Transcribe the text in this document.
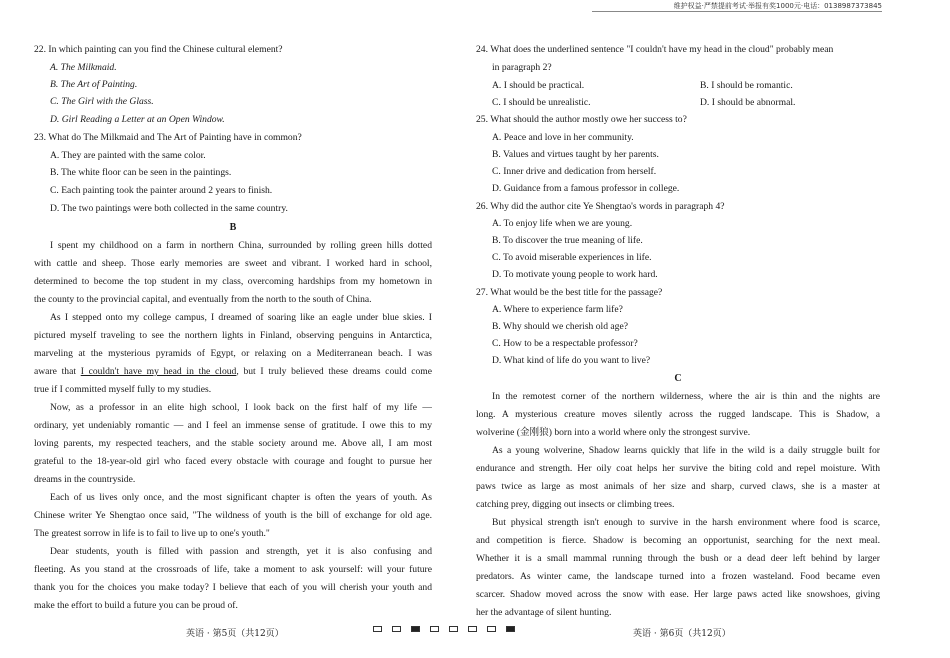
维护权益·严禁提前考试·举报有奖1000元·电话：0138987373845
22. In which painting can you find the Chinese cultural element?
A. The Milkmaid.
B. The Art of Painting.
C. The Girl with the Glass.
D. Girl Reading a Letter at an Open Window.
23. What do The Milkmaid and The Art of Painting have in common?
A. They are painted with the same color.
B. The white floor can be seen in the paintings.
C. Each painting took the painter around 2 years to finish.
D. The two paintings were both collected in the same country.
B
I spent my childhood on a farm in northern China, surrounded by rolling green hills dotted
with cattle and sheep. Those early memories are sweet and vibrant. I worked hard in school,
determined to become the top student in my class, overcoming hardships from my hometown in
the county to the provincial capital, and eventually from the north to the south of China.
As I stepped onto my college campus, I dreamed of soaring like an eagle under blue skies. I
pictured myself traveling to see the northern lights in Finland, observing penguins in Antarctica,
marveling at the mysterious pyramids of Egypt, or relaxing on a Mediterranean beach. I was
aware that I couldn't have my head in the cloud, but I truly believed these dreams could come
true if I committed myself fully to my studies.
Now, as a professor in an elite high school, I look back on the first half of my life —
ordinary, yet undeniably romantic — and I feel an immense sense of gratitude. I owe this to my
loving parents, my respected teachers, and the stable society around me. Above all, I am most
grateful to the 18-year-old girl who faced every obstacle with courage and fought to pursue her
dreams in the countryside.
Each of us lives only once, and the most significant chapter is often the years of youth. As
Chinese writer Ye Shengtao once said, "The wildness of youth is the bill of exchange for old age.
The greatest sorrow in life is to fail to live up to one's youth."
Dear students, youth is filled with passion and strength, yet it is also confusing and
fleeting. As you stand at the crossroads of life, take a moment to ask yourself: will your future
thank you for the choices you make today? I believe that each of you will cherish your youth and
make the effort to build a future you can be proud of.
英语 · 第5页（共12页）
24. What does the underlined sentence "I couldn't have my head in the cloud" probably mean
in paragraph 2?
A. I should be practical.	B. I should be romantic.
C. I should be unrealistic.	D. I should be abnormal.
25. What should the author mostly owe her success to?
A. Peace and love in her community.
B. Values and virtues taught by her parents.
C. Inner drive and dedication from herself.
D. Guidance from a famous professor in college.
26. Why did the author cite Ye Shengtao's words in paragraph 4?
A. To enjoy life when we are young.
B. To discover the true meaning of life.
C. To avoid miserable experiences in life.
D. To motivate young people to work hard.
27. What would be the best title for the passage?
A. Where to experience farm life?
B. Why should we cherish old age?
C. How to be a respectable professor?
D. What kind of life do you want to live?
C
In the remotest corner of the northern wilderness, where the air is thin and the nights are
long. A mysterious creature moves silently across the rugged landscape. This is Shadow, a
wolverine (金刚狼) born into a world where only the strongest survive.
As a young wolverine, Shadow learns quickly that life in the wild is a daily struggle built for
endurance and strength. Her oily coat helps her survive the biting cold and repel moisture. With
paws twice as large as most animals of her size and sharp, curved claws, she is a master at
catching prey, digging out insects or climbing trees.
But physical strength isn't enough to survive in the harsh environment where food is scarce,
and competition is fierce. Shadow is becoming an opportunist, searching for the next meal.
Whether it is a small mammal running through the bush or a dead deer left behind by larger
predators. As winter came, the landscape turned into a frozen wasteland. Food became even
scarcer. Shadow moved across the snow with ease. Her large paws acted like snowshoes, giving
her the advantage of silent hunting.
英语 · 第6页（共12页）
